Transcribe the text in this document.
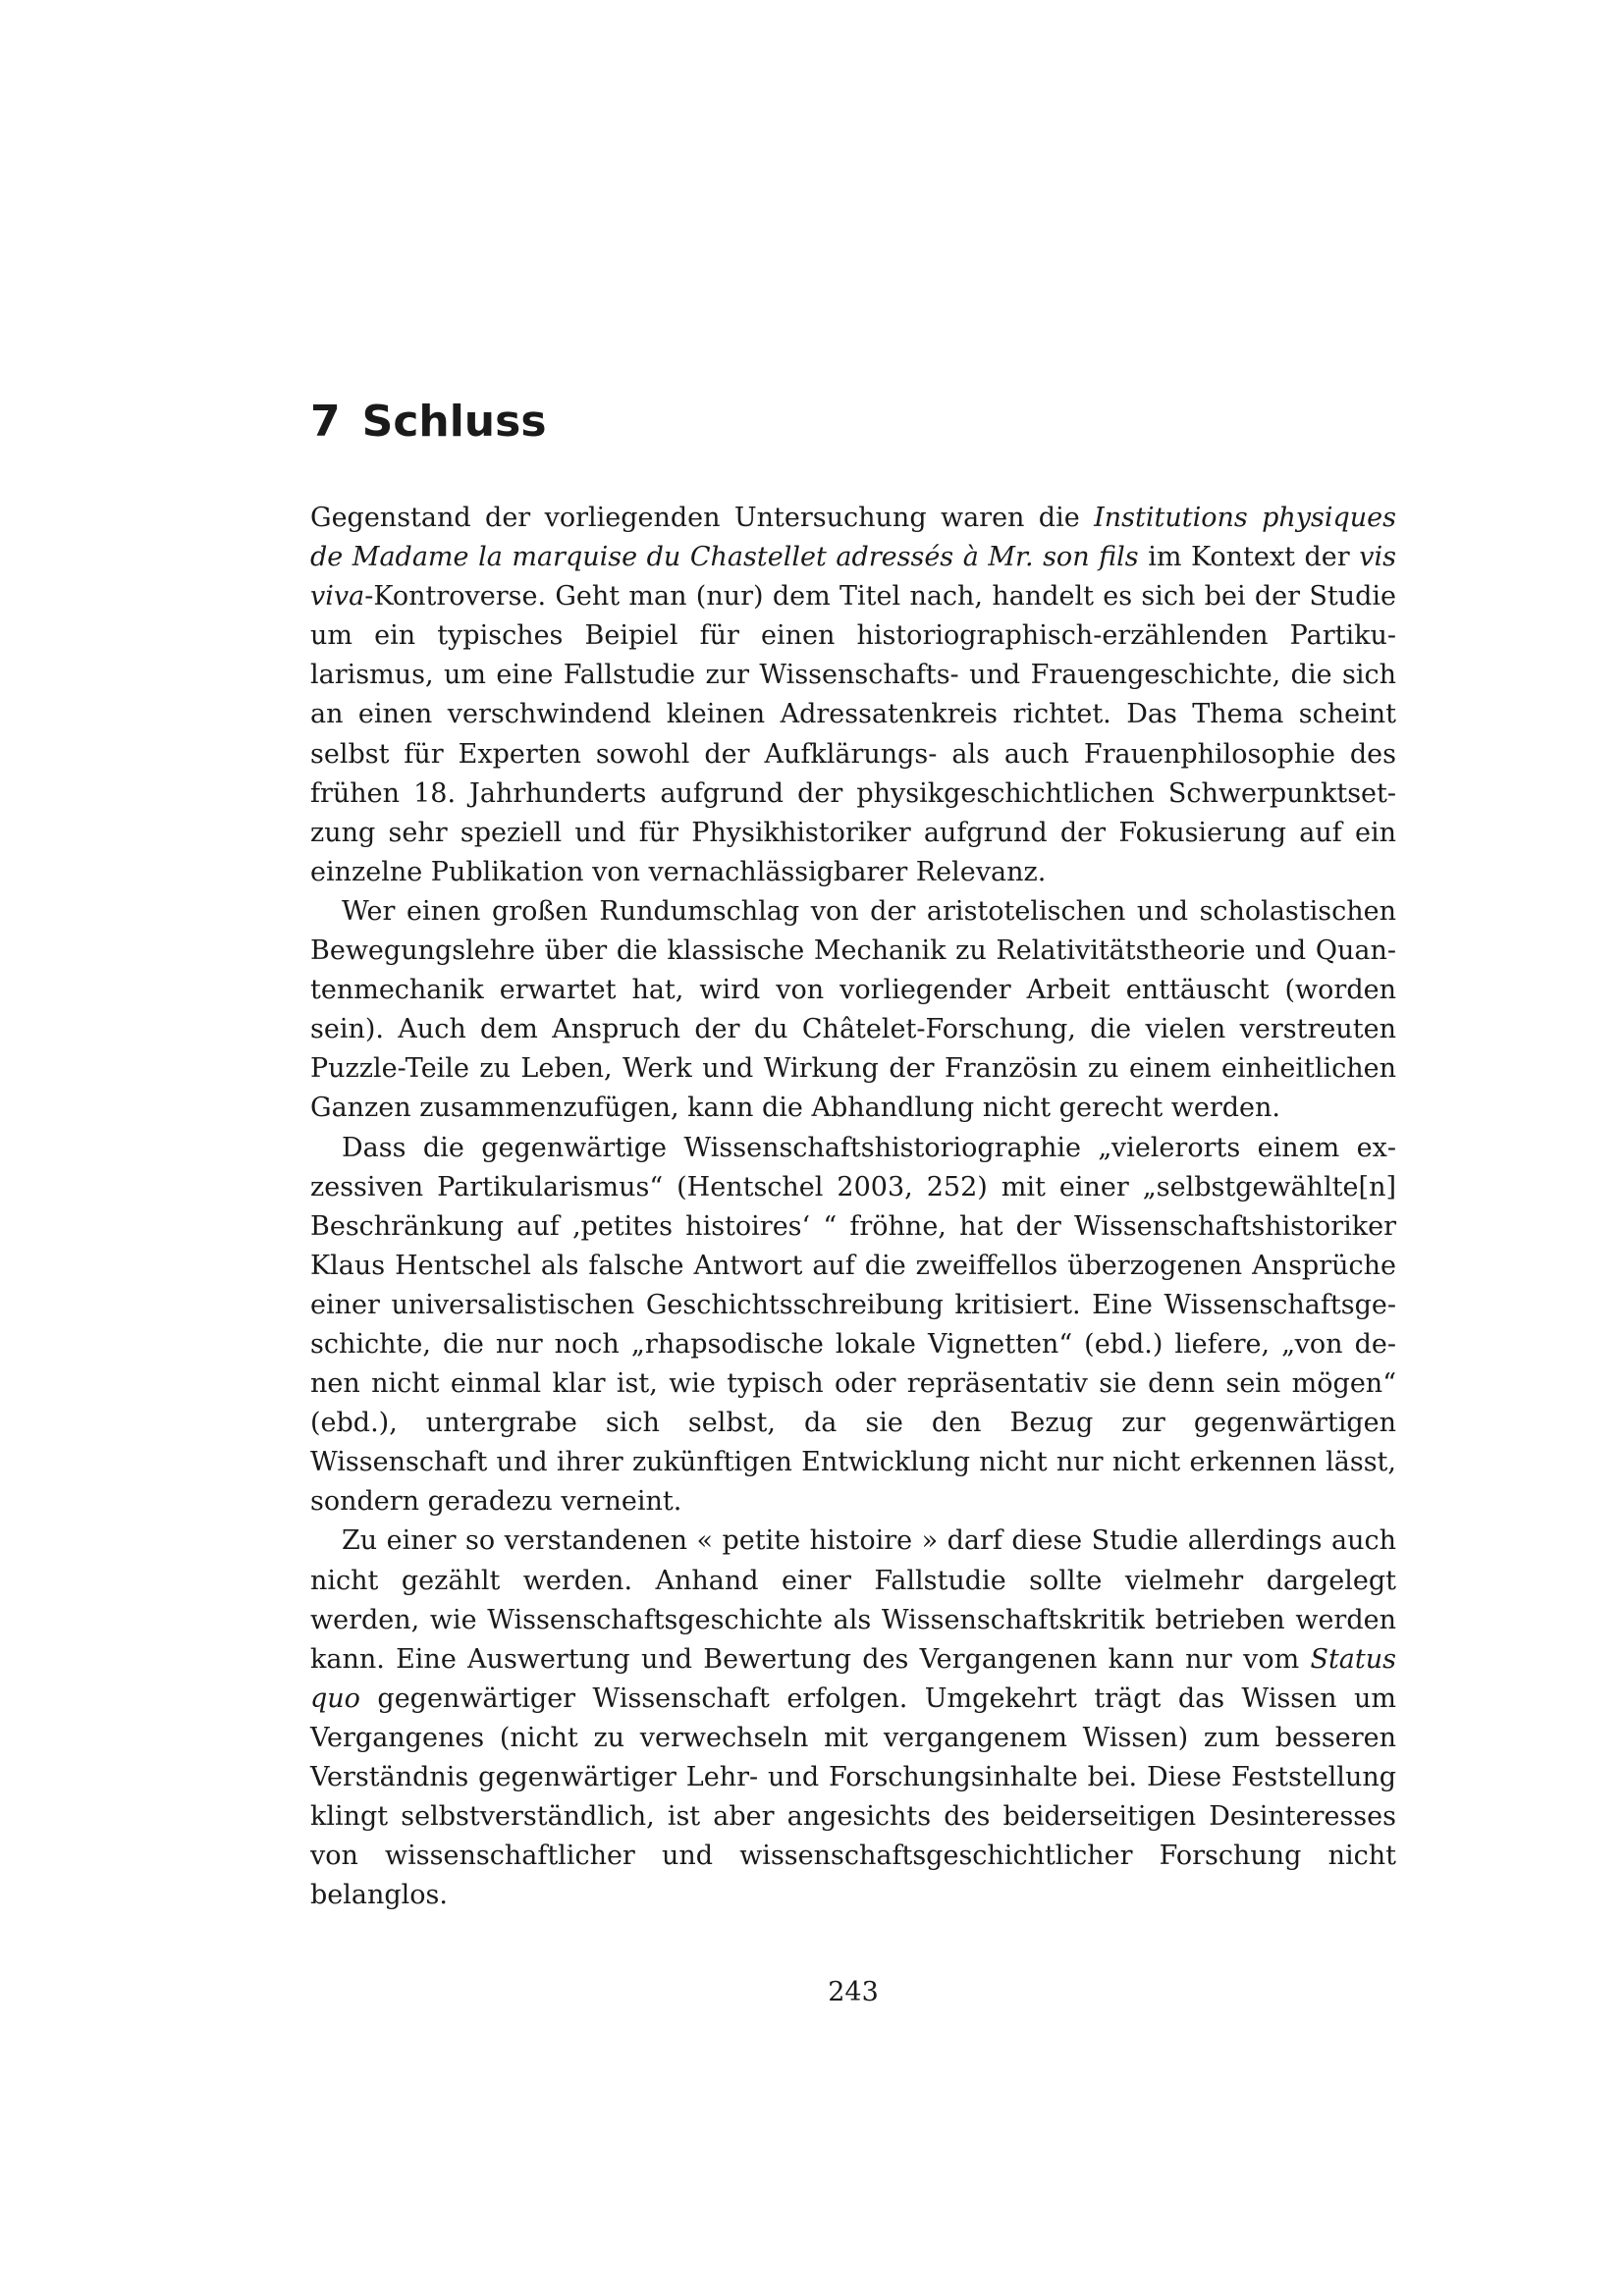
7 Schluss

Gegenstand der vorliegenden Untersuchung waren die Institutions physiques de Madame la marquise du Chastellet adressés à Mr. son fils im Kontext der vis viva-Kontroverse. Geht man (nur) dem Titel nach, handelt es sich bei der Studie um ein typisches Beipiel für einen historiographisch-erzählenden Partikularismus, um eine Fallstudie zur Wissenschafts- und Frauengeschichte, die sich an einen verschwindend kleinen Adressatenkreis richtet. Das Thema scheint selbst für Experten sowohl der Aufklärungs- als auch Frauenphilosophie des frühen 18. Jahrhunderts aufgrund der physikgeschichtlichen Schwerpunktsetzung sehr speziell und für Physikhistoriker aufgrund der Fokusierung auf ein einzelne Publikation von vernachlässigbarer Relevanz.

Wer einen großen Rundumschlag von der aristotelischen und scholastischen Bewegungslehre über die klassische Mechanik zu Relativitätstheorie und Quantenmechanik erwartet hat, wird von vorliegender Arbeit enttäuscht (worden sein). Auch dem Anspruch der du Châtelet-Forschung, die vielen verstreuten Puzzle-Teile zu Leben, Werk und Wirkung der Französin zu einem einheitlichen Ganzen zusammenzufügen, kann die Abhandlung nicht gerecht werden.

Dass die gegenwärtige Wissenschaftshistoriographie „vielerorts einem exzessiven Partikularismus“ (Hentschel 2003, 252) mit einer „selbstgewählte[n] Beschränkung auf ‚petites histoires‘ “ fröhne, hat der Wissenschaftshistoriker Klaus Hentschel als falsche Antwort auf die zweiffellos überzogenen Ansprüche einer universalistischen Geschichtsschreibung kritisiert. Eine Wissenschaftsgeschichte, die nur noch „rhapsodische lokale Vignetten“ (ebd.) liefere, „von denen nicht einmal klar ist, wie typisch oder repräsentativ sie denn sein mögen“ (ebd.), untergrabe sich selbst, da sie den Bezug zur gegenwärtigen Wissenschaft und ihrer zukünftigen Entwicklung nicht nur nicht erkennen lässt, sondern geradezu verneint.

Zu einer so verstandenen « petite histoire » darf diese Studie allerdings auch nicht gezählt werden. Anhand einer Fallstudie sollte vielmehr dargelegt werden, wie Wissenschaftsgeschichte als Wissenschaftskritik betrieben werden kann. Eine Auswertung und Bewertung des Vergangenen kann nur vom Status quo gegenwärtiger Wissenschaft erfolgen. Umgekehrt trägt das Wissen um Vergangenes (nicht zu verwechseln mit vergangenem Wissen) zum besseren Verständnis gegenwärtiger Lehr- und Forschungsinhalte bei. Diese Feststellung klingt selbstverständlich, ist aber angesichts des beiderseitigen Desinteresses von wissenschaftlicher und wissenschaftsgeschichtlicher Forschung nicht belanglos.

243
